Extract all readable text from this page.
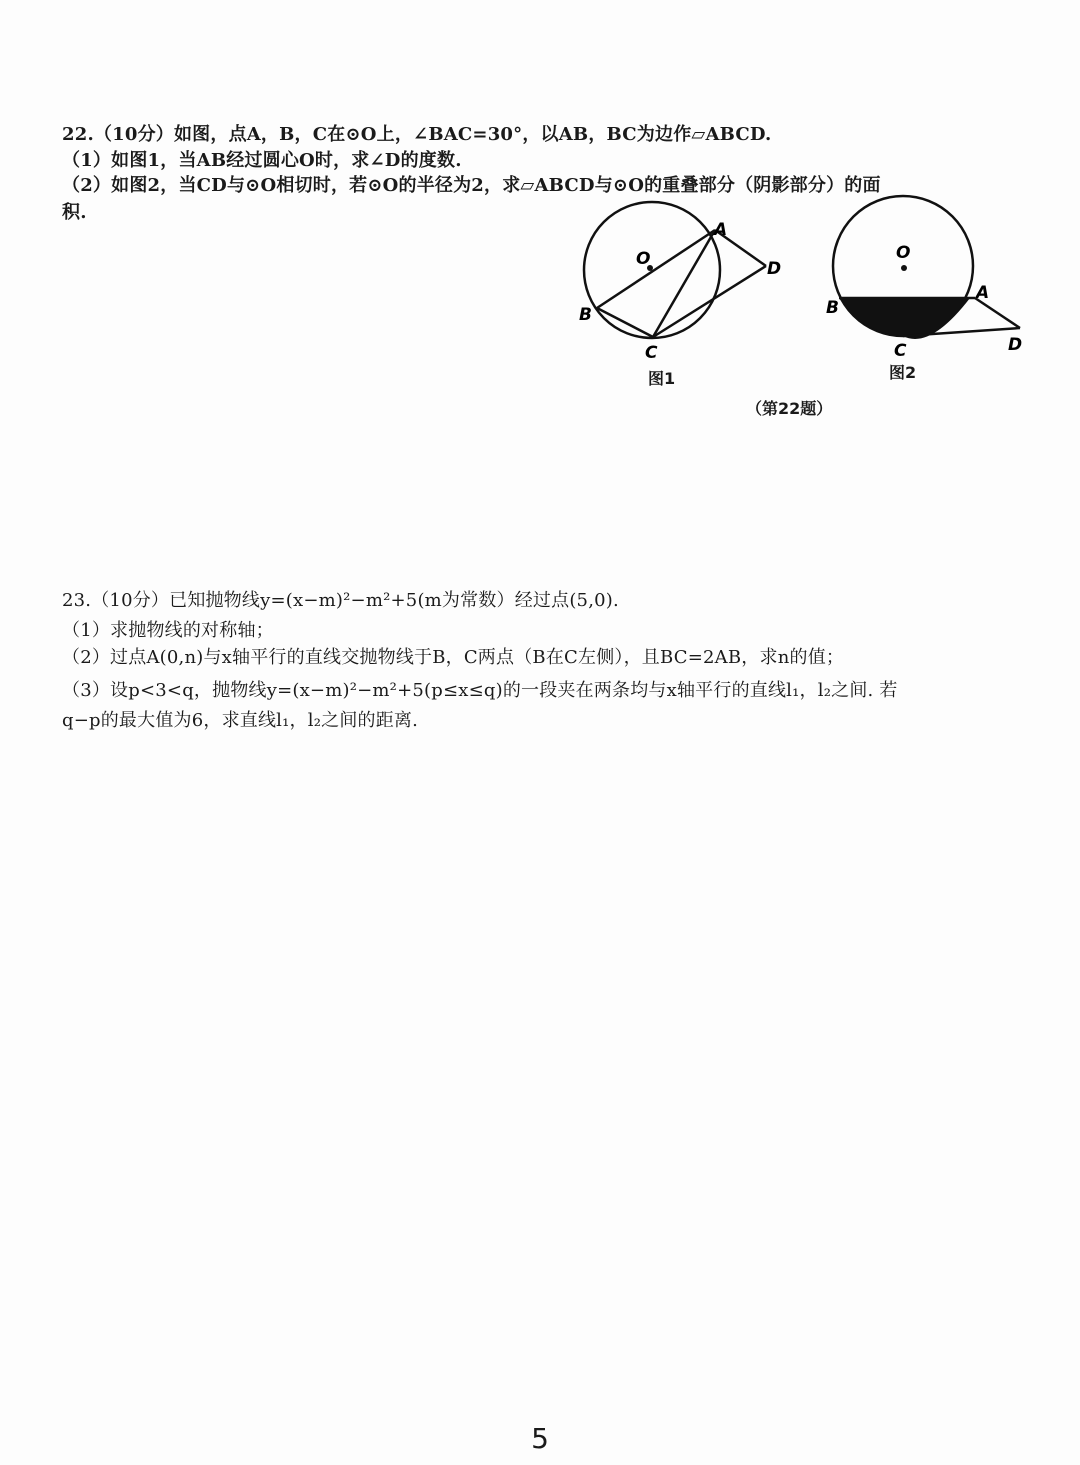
22.（10分）如图，点A，B，C在⊙O上，∠BAC=30°，以AB，BC为边作▱ABCD.
（1）如图1，当AB经过圆心O时，求∠D的度数.
（2）如图2，当CD与⊙O相切时，若⊙O的半径为2，求▱ABCD与⊙O的重叠部分（阴影部分）的面
积.
O
A
B
C
D
O
A
B
C	D
图1	图2
（第22题）
23.（10分）已知抛物线y=(x−m)²−m²+5(m为常数）经过点(5,0).
（1）求抛物线的对称轴；
（2）过点A(0,n)与x轴平行的直线交抛物线于B，C两点（B在C左侧），且BC=2AB，求n的值；
（3）设p<3<q，抛物线y=(x−m)²−m²+5(p≤x≤q)的一段夹在两条均与x轴平行的直线l₁，l₂之间. 若
q−p的最大值为6，求直线l₁，l₂之间的距离.
5
